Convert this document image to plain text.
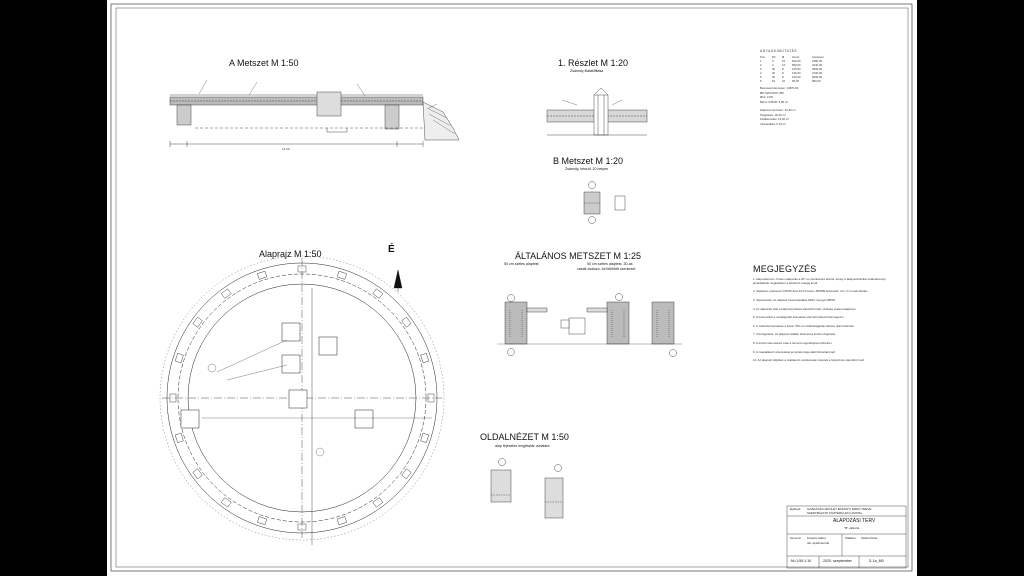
13,30
A Metszet M 1:50	1. Részlet M 1:20
Zsámoly illatakffitása
B Metszet M 1:20
Zsámoly, készül: 20 helyen
Alaprajz M 1:50	É
ÁLTALÁNOS METSZET M 1:25
50 cm széles alaptest	50 cm széles alaptest, 30-as
vasalt zsaluzó, tul feltöltött szerkezet
OLDALNÉZET M 1:50
alap fejezetés lengősztár vonalára
ANYAGKIMUTATÁS
Poz.	Db	Ø	hossz	összesen
1	4	12	620,00	2480,00
2	4	12	560,00	2240,00
3	20	8	145,00	2900,00
4	20	8	135,00	2700,00
5	30	8	120,00	3600,00
6	10	10	95,00	950,00
Betonacél összesen: 14870,00
Ø8: 9200 Ø10: 950
Ø12: 4720
Beton C25/30: 6,85 m³
Zsaluzat összesen: 42,60 m²
Szigetelés: 18,40 m²
Földkiemelés: 12,30 m³
Visszatöltés: 5,10 m³
MEGJEGYZÉS
1. Alapozási terv: A beton alapozás a 20°-os szerkezetre készül, amely a talajmechanikai szakvélemény javaslatának megfelelően a teherbíró rétegig kerül
2. Vasbeton szerkezet C25/30-XC2-16-F2 beton, B500B betonacél, min. 3 cm betonfedés
3. Vasszerelés: az alaptest hosszvasalása 4Ø12, kengyel Ø8/20
4. Az alapozás előtt a talaj tömörítését ellenőrizni kell, szükség esetén talajcsere
5. A betonozást a munkagödör kiemelése után közvetlenül kell végezni
6. A zsaluzás kiemelése a beton 70%-os szilárdságának elérése után történhet
7. Vízszigetelés: az alaptest oldalán bitumenes kenés szigetelés
8. A tervtől való eltérés csak a tervező engedélyével történhet
9. A csapadékvíz elvezetését az építés ideje alatt biztosítani kell
10. Az alaprajz síkjában a csatlakozó szerkezetek méreteit a helyszínen ellenőrizni kell
Építtető: GAZDASÁGI ÉPÜLET BAKONYI ERDŐ TERVE
SZENTBÁLINTI KÖZTERÜLETI HIVATAL
ALAPOZÁSI TERV
"B" változat
Tervező: Kovács Gábor
okl. építőmérnök
Statikus: Szabó Péter
M=1:50;1:10	2020. szeptember	S-1a_M0
